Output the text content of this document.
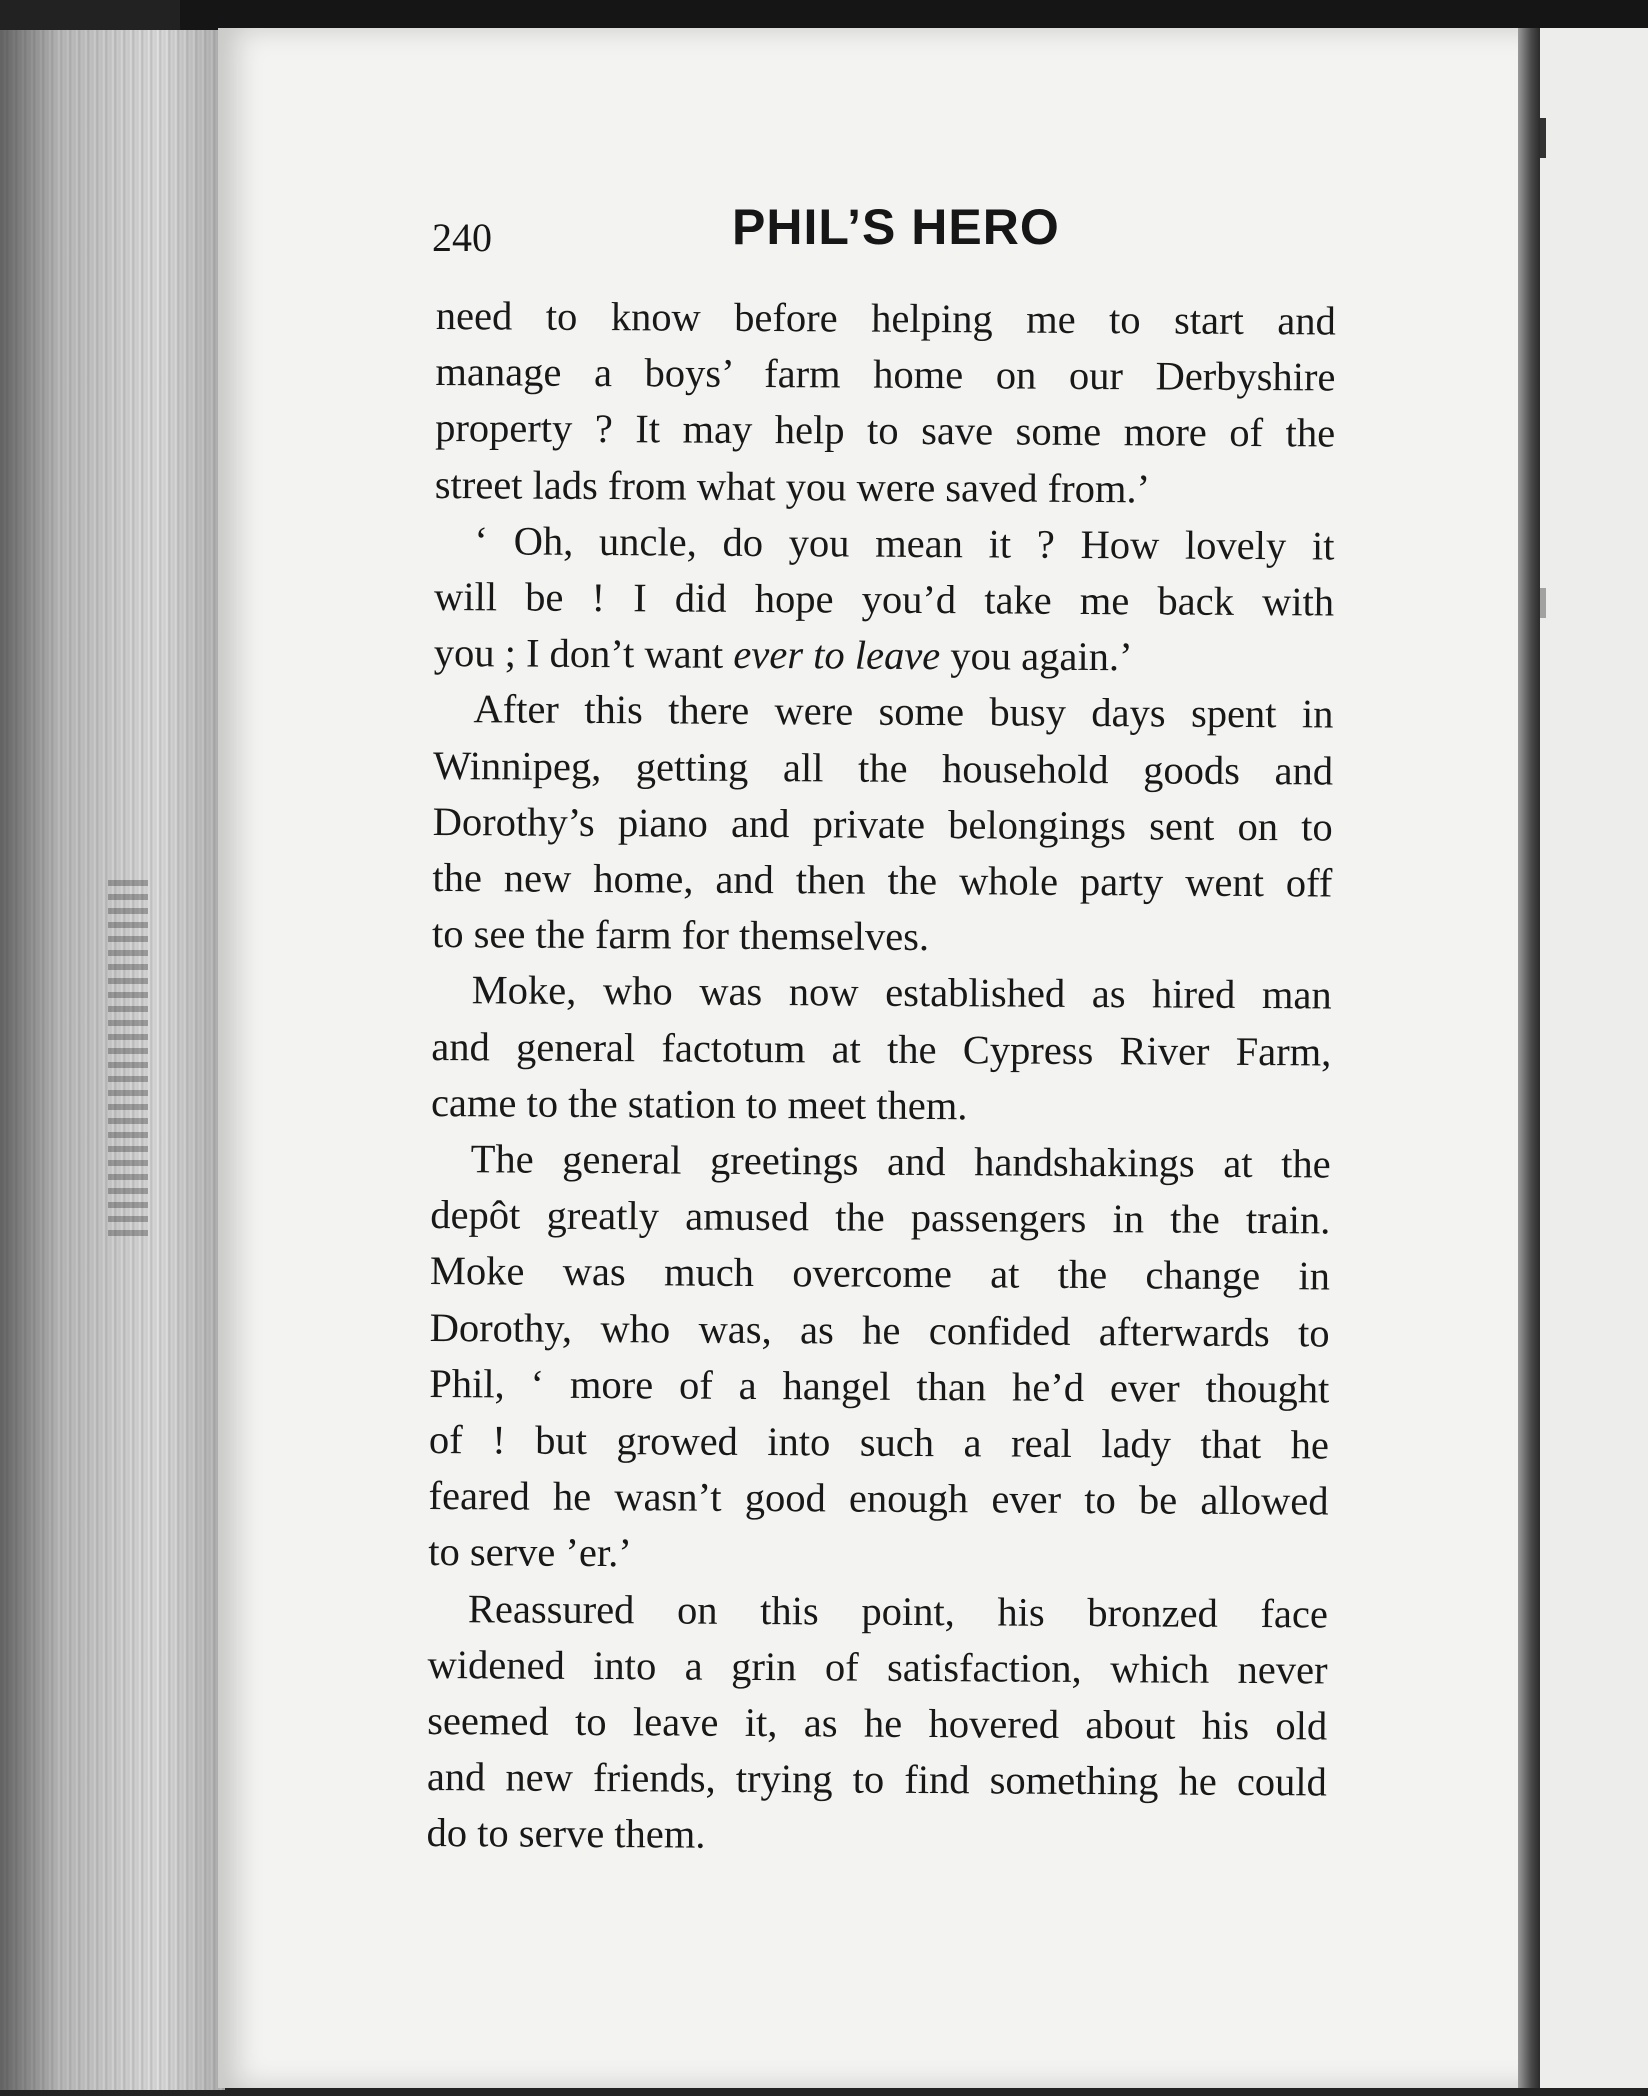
240	PHIL’S HERO
need to know before helping me to start and
manage a boys’ farm home on our Derbyshire
property ? It may help to save some more of the
street lads from what you were saved from.’
‘ Oh, uncle, do you mean it ? How lovely it
will be ! I did hope you’d take me back with
you ; I don’t want ever to leave you again.’
After this there were some busy days spent in
Winnipeg, getting all the household goods and
Dorothy’s piano and private belongings sent on to
the new home, and then the whole party went off
to see the farm for themselves.
Moke, who was now established as hired man
and general factotum at the Cypress River Farm,
came to the station to meet them.
The general greetings and handshakings at the
depôt greatly amused the passengers in the train.
Moke was much overcome at the change in
Dorothy, who was, as he confided afterwards to
Phil, ‘ more of a hangel than he’d ever thought
of ! but growed into such a real lady that he
feared he wasn’t good enough ever to be allowed
to serve ’er.’
Reassured on this point, his bronzed face
widened into a grin of satisfaction, which never
seemed to leave it, as he hovered about his old
and new friends, trying to find something he could
do to serve them.
